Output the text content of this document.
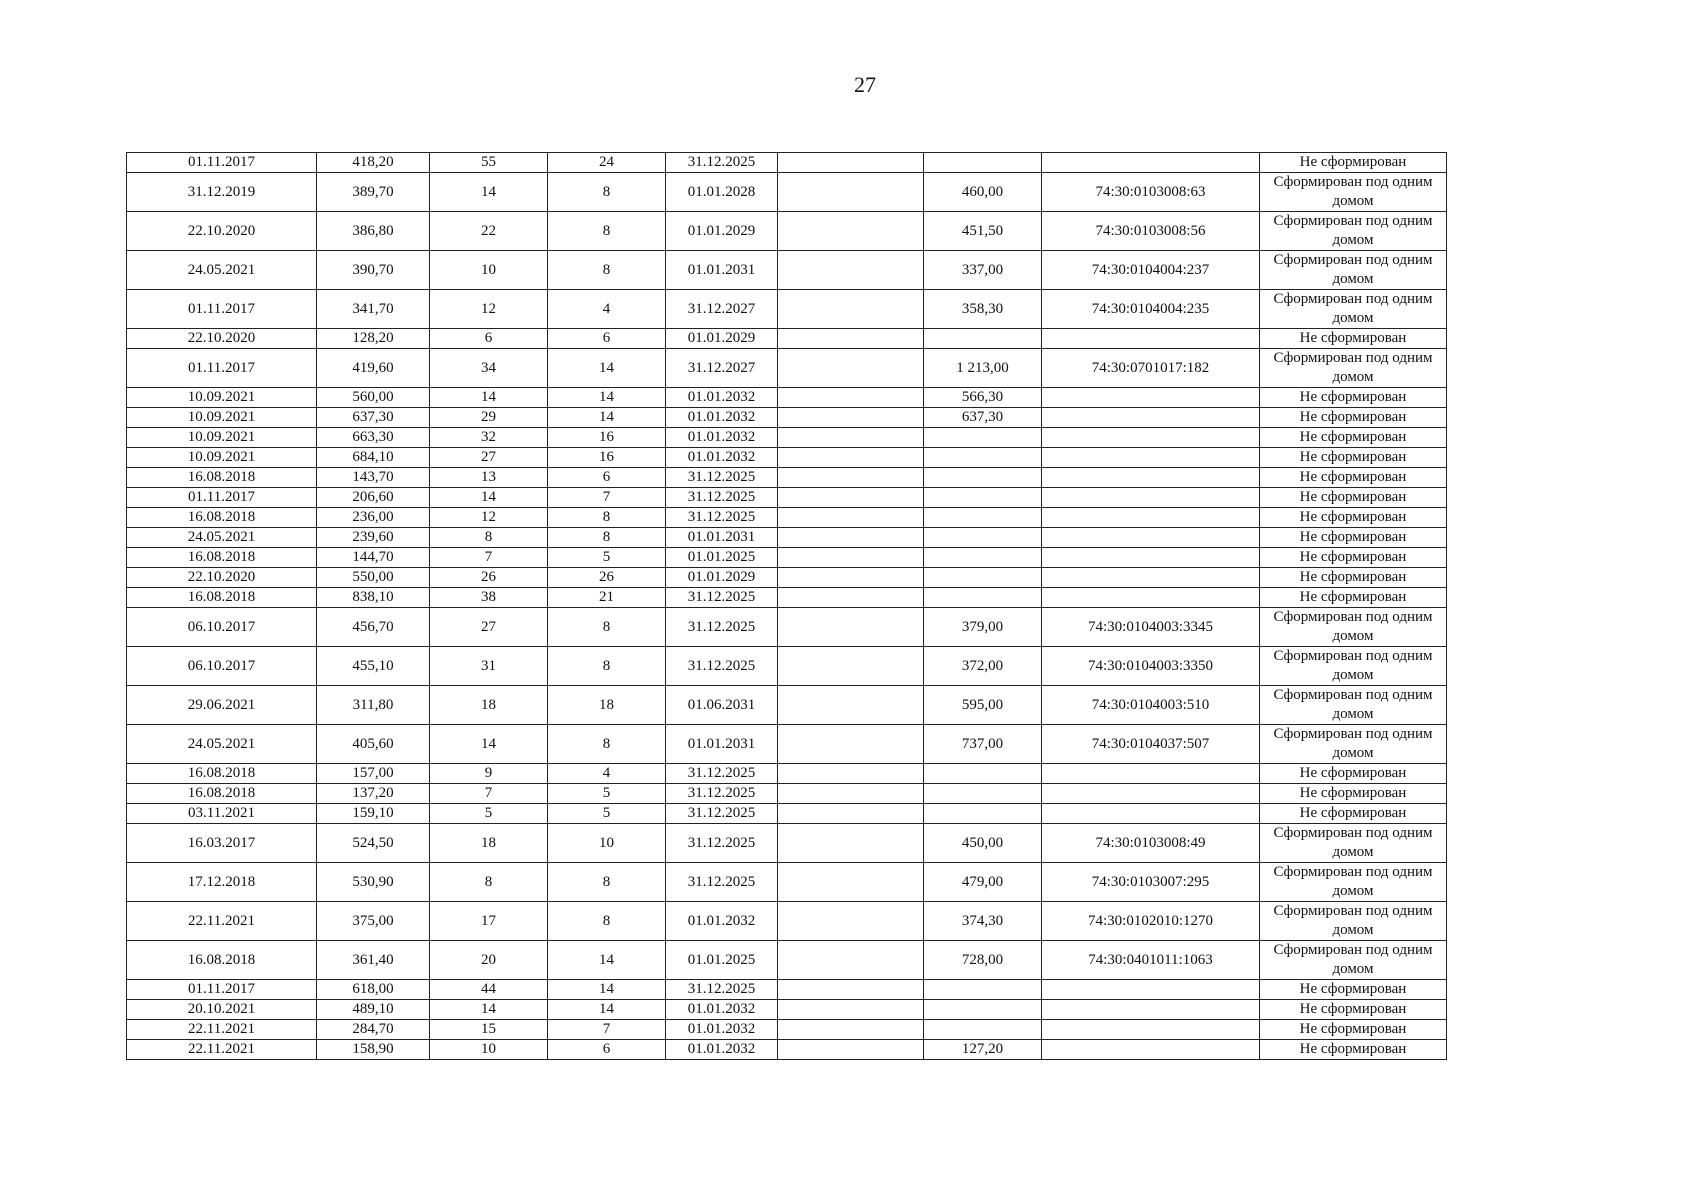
27
01.11.2017	418,20	55	24	31.12.2025				Не сформирован
31.12.2019	389,70	14	8	01.01.2028		460,00	74:30:0103008:63	Сформирован под одним домом
22.10.2020	386,80	22	8	01.01.2029		451,50	74:30:0103008:56	Сформирован под одним домом
24.05.2021	390,70	10	8	01.01.2031		337,00	74:30:0104004:237	Сформирован под одним домом
01.11.2017	341,70	12	4	31.12.2027		358,30	74:30:0104004:235	Сформирован под одним домом
22.10.2020	128,20	6	6	01.01.2029				Не сформирован
01.11.2017	419,60	34	14	31.12.2027		1 213,00	74:30:0701017:182	Сформирован под одним домом
10.09.2021	560,00	14	14	01.01.2032		566,30		Не сформирован
10.09.2021	637,30	29	14	01.01.2032		637,30		Не сформирован
10.09.2021	663,30	32	16	01.01.2032				Не сформирован
10.09.2021	684,10	27	16	01.01.2032				Не сформирован
16.08.2018	143,70	13	6	31.12.2025				Не сформирован
01.11.2017	206,60	14	7	31.12.2025				Не сформирован
16.08.2018	236,00	12	8	31.12.2025				Не сформирован
24.05.2021	239,60	8	8	01.01.2031				Не сформирован
16.08.2018	144,70	7	5	01.01.2025				Не сформирован
22.10.2020	550,00	26	26	01.01.2029				Не сформирован
16.08.2018	838,10	38	21	31.12.2025				Не сформирован
06.10.2017	456,70	27	8	31.12.2025		379,00	74:30:0104003:3345	Сформирован под одним домом
06.10.2017	455,10	31	8	31.12.2025		372,00	74:30:0104003:3350	Сформирован под одним домом
29.06.2021	311,80	18	18	01.06.2031		595,00	74:30:0104003:510	Сформирован под одним домом
24.05.2021	405,60	14	8	01.01.2031		737,00	74:30:0104037:507	Сформирован под одним домом
16.08.2018	157,00	9	4	31.12.2025				Не сформирован
16.08.2018	137,20	7	5	31.12.2025				Не сформирован
03.11.2021	159,10	5	5	31.12.2025				Не сформирован
16.03.2017	524,50	18	10	31.12.2025		450,00	74:30:0103008:49	Сформирован под одним домом
17.12.2018	530,90	8	8	31.12.2025		479,00	74:30:0103007:295	Сформирован под одним домом
22.11.2021	375,00	17	8	01.01.2032		374,30	74:30:0102010:1270	Сформирован под одним домом
16.08.2018	361,40	20	14	01.01.2025		728,00	74:30:0401011:1063	Сформирован под одним домом
01.11.2017	618,00	44	14	31.12.2025				Не сформирован
20.10.2021	489,10	14	14	01.01.2032				Не сформирован
22.11.2021	284,70	15	7	01.01.2032				Не сформирован
22.11.2021	158,90	10	6	01.01.2032		127,20		Не сформирован
